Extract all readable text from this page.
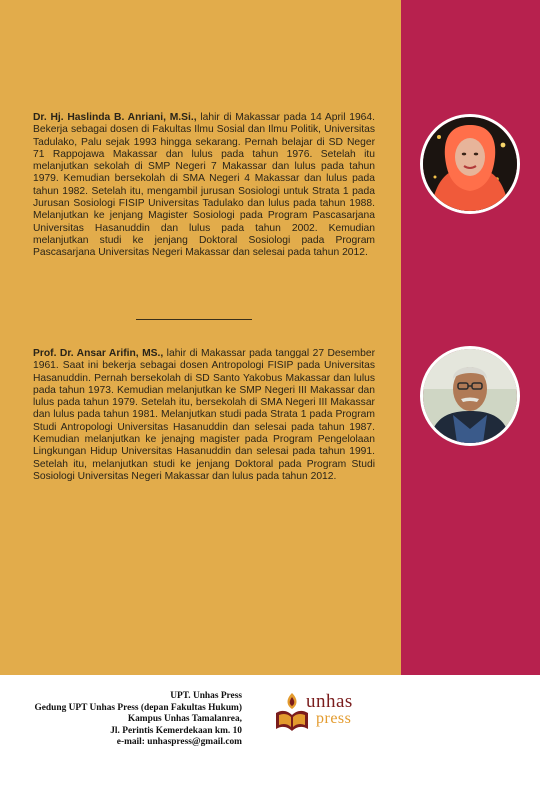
Dr. Hj. Haslinda B. Anriani, M.Si., lahir di Makassar pada 14 April 1964. Bekerja sebagai dosen di Fakultas Ilmu Sosial dan Ilmu Politik, Universitas Tadulako, Palu sejak 1993 hingga sekarang. Pernah belajar di SD Neger 71 Rappojawa Makassar dan lulus pada tahun 1976. Setelah itu melanjutkan sekolah di SMP Negeri 7 Makassar dan lulus pada tahun 1979. Kemudian bersekolah di SMA Negeri 4 Makassar dan lulus pada tahun 1982. Setelah itu, mengambil jurusan Sosiologi untuk Strata 1 pada Jurusan Sosiologi FISIP Universitas Tadulako dan lulus pada tahun 1988. Melanjutkan ke jenjang Magister Sosiologi pada Program Pascasarjana Universitas Hasanuddin dan lulus pada tahun 2002. Kemudian melanjutkan studi ke jenjang Doktoral Sosiologi pada Program Pascasarjana Universitas Negeri Makassar dan selesai pada tahun 2012.

Prof. Dr. Ansar Arifin, MS., lahir di Makassar pada tanggal 27 Desember 1961. Saat ini bekerja sebagai dosen Antropologi FISIP pada Universitas Hasanuddin. Pernah bersekolah di SD Santo Yakobus Makassar dan lulus pada tahun 1973. Kemudian melanjutkan ke SMP Negeri III Makassar dan lulus pada tahun 1979. Setelah itu, bersekolah di SMA Negeri III Makassar dan lulus pada tahun 1981. Melanjutkan studi pada Strata 1 pada Program Studi Antropologi Universitas Hasanuddin dan selesai pada tahun 1987. Kemudian melanjutkan ke jenajng magister pada Program Pengelolaan Lingkungan Hidup Universitas Hasanuddin dan selesai pada tahun 1991. Setelah itu, melanjutkan studi ke jenjang Doktoral pada Program Studi Sosiologi Universitas Negeri Makassar dan lulus pada tahun 2012.

UPT. Unhas Press
Gedung UPT Unhas Press (depan Fakultas Hukum)
Kampus Unhas Tamalanrea,
Jl. Perintis Kemerdekaan km. 10
e-mail: unhaspress@gmail.com
unhas
press
